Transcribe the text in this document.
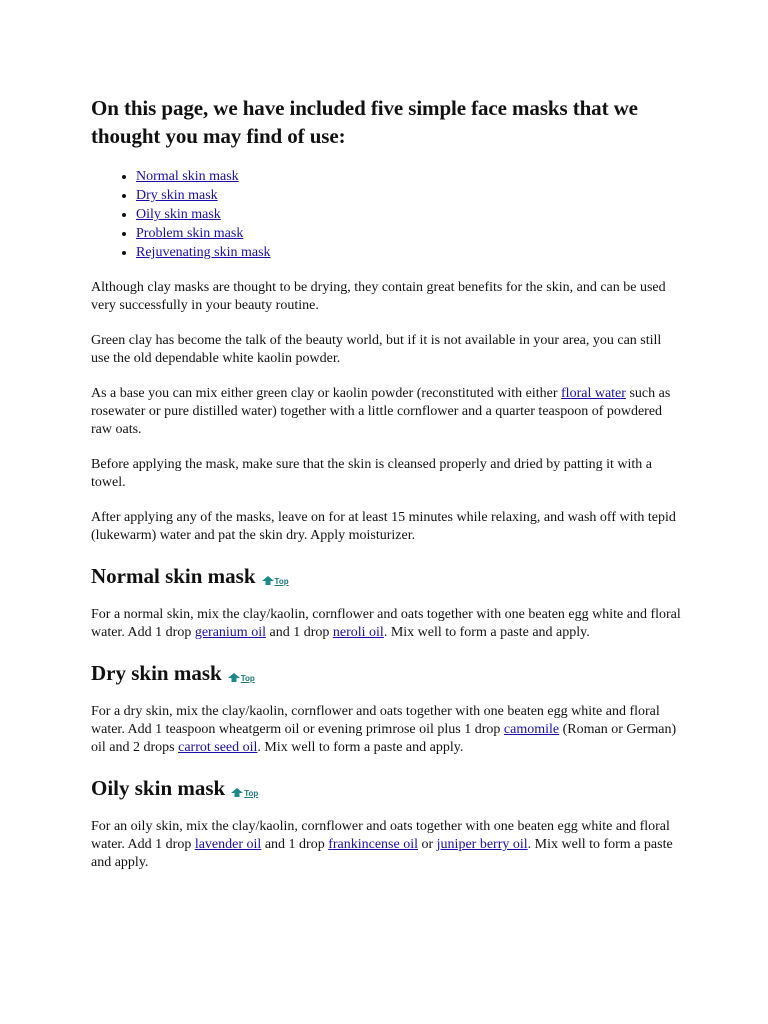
On this page, we have included five simple face masks that we thought you may find of use:
• Normal skin mask
• Dry skin mask
• Oily skin mask
• Problem skin mask
• Rejuvenating skin mask

Although clay masks are thought to be drying, they contain great benefits for the skin, and can be used very successfully in your beauty routine.

Green clay has become the talk of the beauty world, but if it is not available in your area, you can still use the old dependable white kaolin powder.

As a base you can mix either green clay or kaolin powder (reconstituted with either floral water such as rosewater or pure distilled water) together with a little cornflower and a quarter teaspoon of powdered raw oats.

Before applying the mask, make sure that the skin is cleansed properly and dried by patting it with a towel.

After applying any of the masks, leave on for at least 15 minutes while relaxing, and wash off with tepid (lukewarm) water and pat the skin dry. Apply moisturizer.

Normal skin mask Top

For a normal skin, mix the clay/kaolin, cornflower and oats together with one beaten egg white and floral water. Add 1 drop geranium oil and 1 drop neroli oil. Mix well to form a paste and apply.

Dry skin mask Top

For a dry skin, mix the clay/kaolin, cornflower and oats together with one beaten egg white and floral water. Add 1 teaspoon wheatgerm oil or evening primrose oil plus 1 drop camomile (Roman or German) oil and 2 drops carrot seed oil. Mix well to form a paste and apply.

Oily skin mask Top

For an oily skin, mix the clay/kaolin, cornflower and oats together with one beaten egg white and floral water. Add 1 drop lavender oil and 1 drop frankincense oil or juniper berry oil. Mix well to form a paste and apply.
